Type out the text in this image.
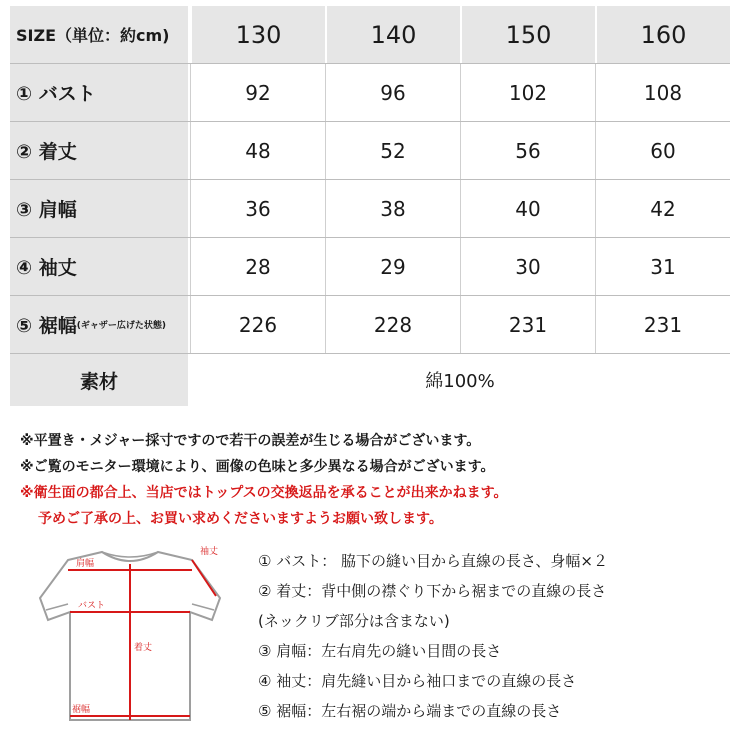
SIZE（単位：約cm)	130	140	150	160
① バスト	92	96	102	108
② 着丈	48	52	56	60
③ 肩幅	36	38	40	42
④ 袖丈	28	29	30	31
⑤ 裾幅 (ギャザー広げた状態)	226	228	231	231
素材	綿100%
※平置き・メジャー採寸ですので若干の誤差が生じる場合がございます。
※ご覧のモニター環境により、画像の色味と多少異なる場合がございます。
※衛生面の都合上、当店ではトップスの交換返品を承ることが出来かねます。
予めご了承の上、お買い求めくださいますようお願い致します。
袖丈
肩幅
バスト
着丈
裾幅
① バスト： 脇下の縫い目から直線の長さ、身幅×２
② 着丈：背中側の襟ぐり下から裾までの直線の長さ
(ネックリブ部分は含まない)
③ 肩幅：左右肩先の縫い目間の長さ
④ 袖丈：肩先縫い目から袖口までの直線の長さ
⑤ 裾幅：左右裾の端から端までの直線の長さ
